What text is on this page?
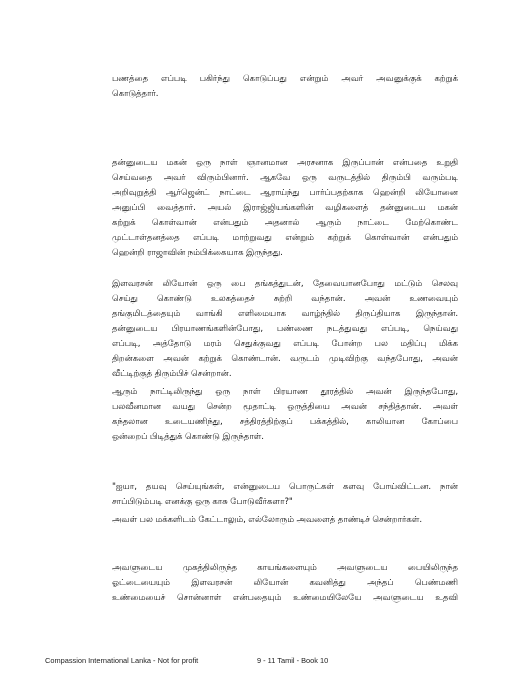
பணத்தை எப்படி பகிர்ந்து கொடுப்பது என்றும் அவர் அவனுக்குக் கற்றுக்
கொடுத்தார்.

தன்னுடைய மகன் ஒரு நாள் ஞானமான அரசனாக இருப்பான் என்பதை உறுதி
செய்வதை அவர் விரும்பினார். ஆகவே ஒரு வருடத்தில் திரும்பி வரும்படி
அறிவுறுத்தி ஆர்ஜென்ட் நாட்டை ஆராய்ந்து பார்ப்பதற்காக ஹென்றி லியோனை
அனுப்பி வைத்தார். அயல் இராஜ்ஜியங்களின் வழிகளைத் தன்னுடைய மகன்
கற்றுக் கொள்வான் என்பதும் அதனால் ஆரும் நாட்டை மேற்கொண்ட
முட்டாள்தனத்தை எப்படி மாற்றுவது என்றும் கற்றுக் கொள்வான் என்பதும்
ஹென்றி ராஜாவின் நம்பிக்கையாக இருந்தது.

இளவரசன் லியோன் ஒரு பை தங்கத்துடன், தேவையானபோது மட்டும் செலவு
செய்து கொண்டு உலகத்தைச் சுற்றி வந்தான். அவன் உணவையும்
தங்குமிடத்தையும் வாங்கி எளிமையாக வாழ்ந்தில் திருப்தியாக இருந்தான்.
தன்னுடைய பிரயாணங்களின்போது, பண்ணை நடத்துவது எப்படி, நெய்வது
எப்படி, அத்தோடு மரம் செதுக்குவது எப்படி போன்ற பல மதிப்பு மிக்க
திறன்களை அவன் கற்றுக் கொண்டான். வருடம் முடிவிற்கு வந்தபோது, அவன்
வீட்டிற்குத் திரும்பிச் சென்றான்.

ஆரும் நாட்டிலிருந்து ஒரு நாள் பிரயாண தூரத்தில் அவன் இருந்தபோது,
பலவீனமான வயது சென்ற மூதாட்டி ஒருத்தியை அவன் சந்தித்தான். அவள்
கந்தலான உடையணிந்து, சத்திரத்திற்குப் பக்கத்தில், காலியான கோப்பை
ஒன்றைப் பிடித்துக் கொண்டு இருந்தாள்.

"ஐயா, தயவு செய்யுங்கள், என்னுடைய பொருட்கள் களவு போய்விட்டன. நான்
சாப்பிடும்படி எனக்கு ஒரு காசு போடுவீர்களா?"

அவள் பல மக்களிடம் கேட்டாலும், எல்லோரும் அவளைத் தாண்டிச் சென்றார்கள்.

அவளுடைய முகத்திலிருந்த காயங்களையும் அவளுடைய பையிலிருந்த
ஓட்டையையும் இளவரசன் லியோன் கவனித்து அந்தப் பெண்மணி
உண்மையைச் சொன்னாள் என்பதையும் உண்மையிலேயே அவளுடைய உதவி

Compassion International Lanka - Not for profit	9 - 11 Tamil - Book 10
